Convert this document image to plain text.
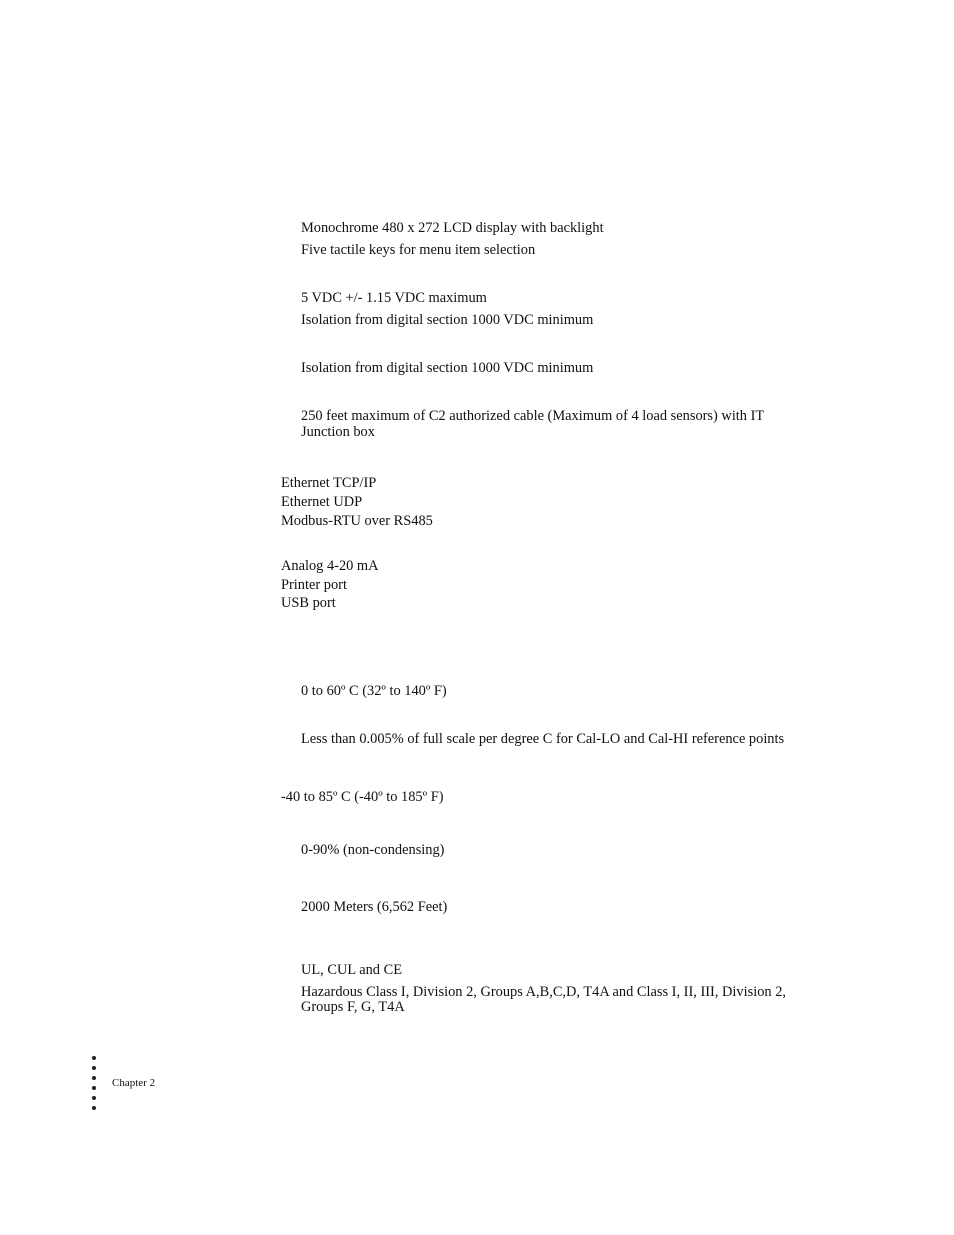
Monochrome 480 x 272 LCD display with backlight
Five tactile keys for menu item selection
5 VDC +/- 1.15 VDC maximum
Isolation from digital section 1000 VDC minimum
Isolation from digital section 1000 VDC minimum
250 feet maximum of C2 authorized cable (Maximum of 4 load sensors) with IT
Junction box
Ethernet TCP/IP
Ethernet UDP
Modbus-RTU over RS485
Analog 4-20 mA
Printer port
USB port
0 to 60º C (32º to 140º F)
Less than 0.005% of full scale per degree C for Cal-LO and Cal-HI reference points
-40 to 85º C (-40º to 185º F)
0-90% (non-condensing)
2000 Meters (6,562 Feet)
UL, CUL and CE
Hazardous Class I, Division 2, Groups A,B,C,D, T4A and Class I, II, III, Division 2,
Groups F, G, T4A
Chapter 2
